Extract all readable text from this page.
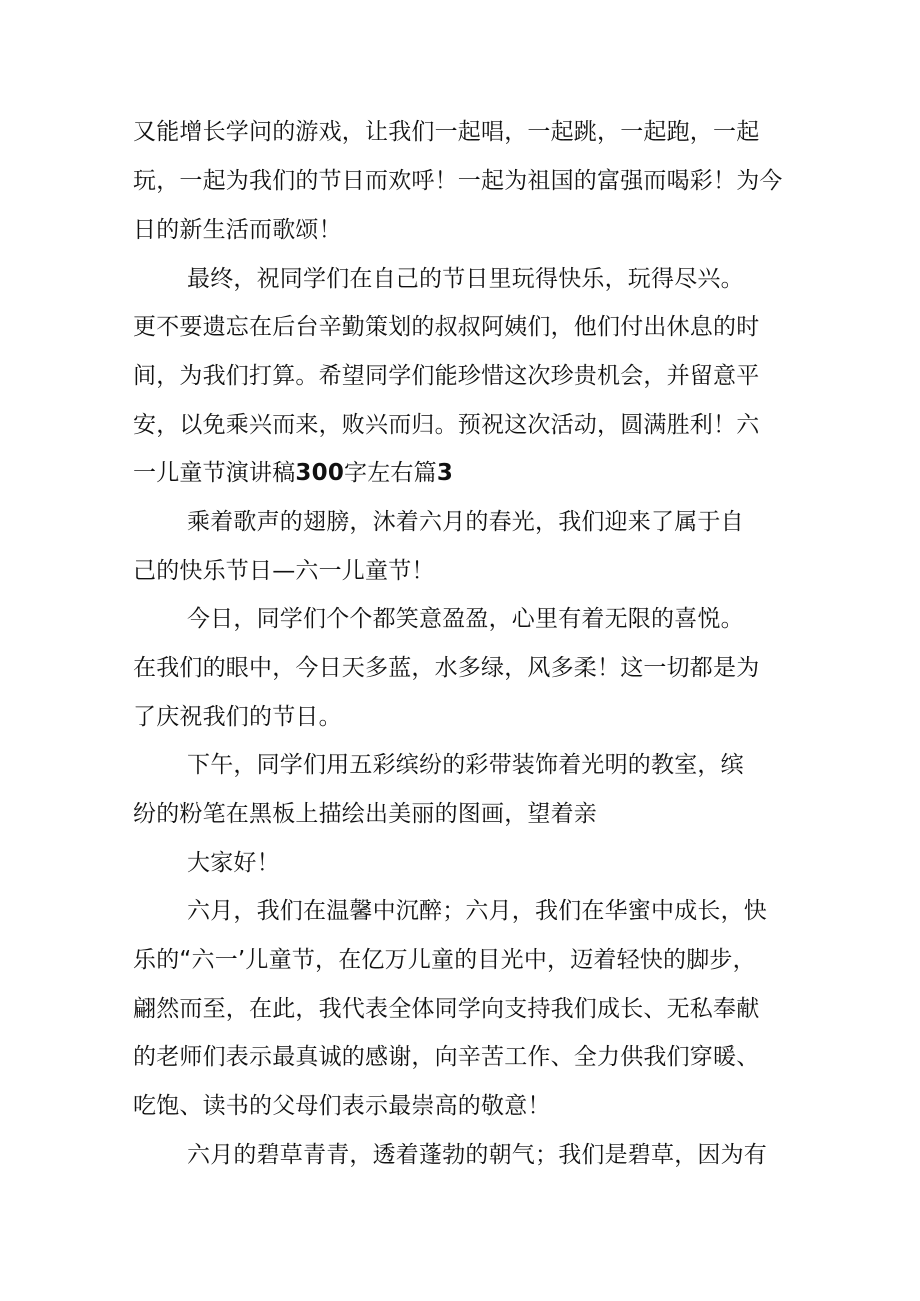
又能增长学问的游戏，让我们一起唱，一起跳，一起跑，一起
玩，一起为我们的节日而欢呼！一起为祖国的富强而喝彩！为今
日的新生活而歌颂！
最终，祝同学们在自己的节日里玩得快乐，玩得尽兴。
更不要遗忘在后台辛勤策划的叔叔阿姨们，他们付出休息的时
间，为我们打算。希望同学们能珍惜这次珍贵机会，并留意平
安，以免乘兴而来，败兴而归。预祝这次活动，圆满胜利！六
一儿童节演讲稿300字左右篇3
乘着歌声的翅膀，沐着六月的春光，我们迎来了属于自
己的快乐节日—六一儿童节！
今日，同学们个个都笑意盈盈，心里有着无限的喜悦。
在我们的眼中，今日天多蓝，水多绿，风多柔！这一切都是为
了庆祝我们的节日。
下午，同学们用五彩缤纷的彩带装饰着光明的教室，缤
纷的粉笔在黑板上描绘出美丽的图画，望着亲
大家好！
六月，我们在温馨中沉醉；六月，我们在华蜜中成长，快
乐的“六一’儿童节，在亿万儿童的目光中，迈着轻快的脚步，
翩然而至，在此，我代表全体同学向支持我们成长、无私奉献
的老师们表示最真诚的感谢，向辛苦工作、全力供我们穿暖、
吃饱、读书的父母们表示最崇高的敬意！
六月的碧草青青，透着蓬勃的朝气；我们是碧草，因为有
